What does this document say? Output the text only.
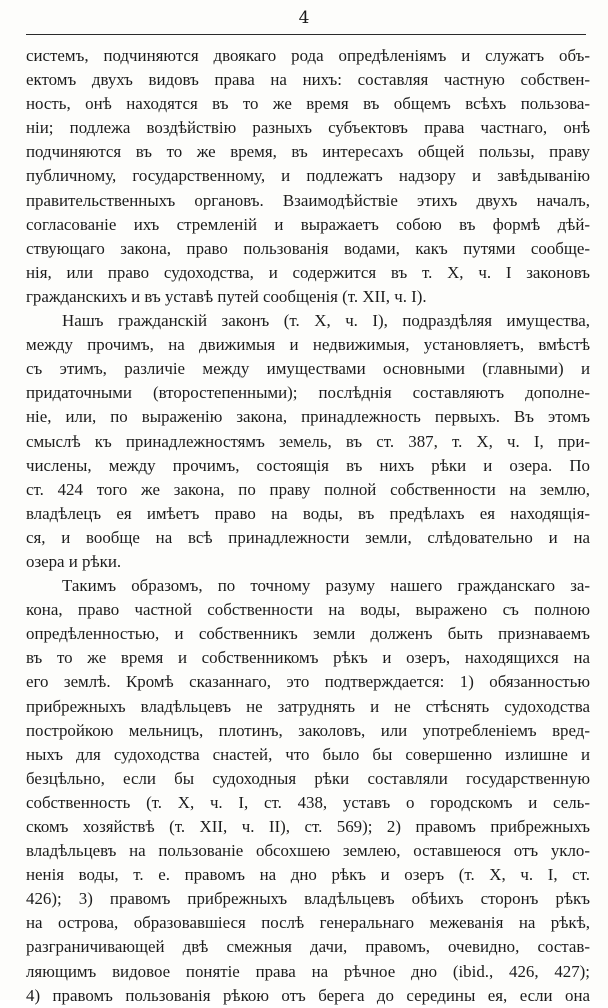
4
системъ, подчиняются двоякаго рода опредѣленіямъ и служатъ объ-
ектомъ двухъ видовъ права на нихъ: составляя частную собствен-
ность, онѣ находятся въ то же время въ общемъ всѣхъ пользова-
ніи; подлежа воздѣйствію разныхъ субъектовъ права частнаго, онѣ
подчиняются въ то же время, въ интересахъ общей пользы, праву
публичному, государственному, и подлежатъ надзору и завѣдыванію
правительственныхъ органовъ. Взаимодѣйствіе этихъ двухъ началъ,
согласованіе ихъ стремленій и выражаетъ собою въ формѣ дѣй-
ствующаго закона, право пользованія водами, какъ путями сообще-
нія, или право судоходства, и содержится въ т. X, ч. I законовъ
гражданскихъ и въ уставѣ путей сообщенія (т. XII, ч. I).
Нашъ гражданскій законъ (т. X, ч. I), подраздѣляя имущества,
между прочимъ, на движимыя и недвижимыя, установляетъ, вмѣстѣ
съ этимъ, различіе между имуществами основными (главными) и
придаточными (второстепенными); послѣднія составляютъ дополне-
ніе, или, по выраженію закона, принадлежность первыхъ. Въ этомъ
смыслѣ къ принадлежностямъ земель, въ ст. 387, т. X, ч. I, при-
числены, между прочимъ, состоящія въ нихъ рѣки и озера. По
ст. 424 того же закона, по праву полной собственности на землю,
владѣлецъ ея имѣетъ право на воды, въ предѣлахъ ея находящія-
ся, и вообще на всѣ принадлежности земли, слѣдовательно и на
озера и рѣки.
Такимъ образомъ, по точному разуму нашего гражданскаго за-
кона, право частной собственности на воды, выражено съ полною
опредѣленностью, и собственникъ земли долженъ быть признаваемъ
въ то же время и собственникомъ рѣкъ и озеръ, находящихся на
его землѣ. Кромѣ сказаннаго, это подтверждается: 1) обязанностью
прибрежныхъ владѣльцевъ не затруднять и не стѣснять судоходства
постройкою мельницъ, плотинъ, заколовъ, или употребленіемъ вред-
ныхъ для судоходства снастей, что было бы совершенно излишне и
безцѣльно, если бы судоходныя рѣки составляли государственную
собственность (т. X, ч. I, ст. 438, уставъ о городскомъ и сель-
скомъ хозяйствѣ (т. XII, ч. II), ст. 569); 2) правомъ прибрежныхъ
владѣльцевъ на пользованіе обсохшею землею, оставшеюся отъ укло-
ненія воды, т. е. правомъ на дно рѣкъ и озеръ (т. X, ч. I, ст.
426); 3) правомъ прибрежныхъ владѣльцевъ обѣихъ сторонъ рѣкъ
на острова, образовавшіеся послѣ генеральнаго межеванія на рѣкѣ,
разграничивающей двѣ смежныя дачи, правомъ, очевидно, состав-
ляющимъ видовое понятіе права на рѣчное дно (ibid., 426, 427);
4) правомъ пользованія рѣкою отъ берега до середины ея, если она
